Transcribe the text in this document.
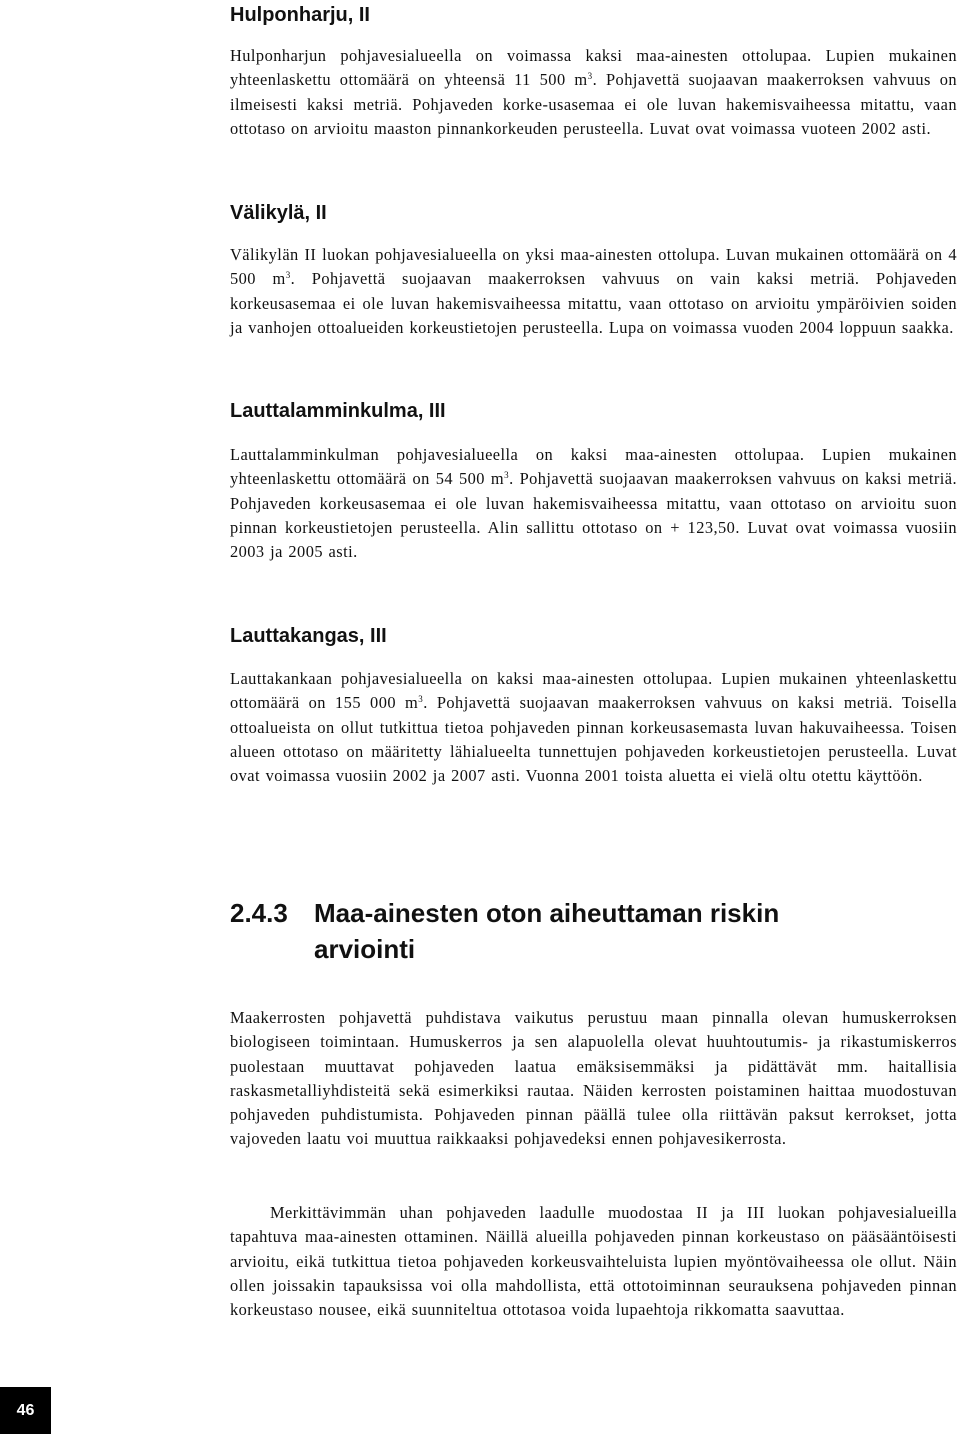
Hulponharju, II

Hulponharjun pohjavesialueella on voimassa kaksi maa-ainesten ottolupaa. Lupien mukainen yhteenlaskettu ottomäärä on yhteensä 11 500 $m^3$. Pohjavettä suojaavan maakerroksen vahvuus on ilmeisesti kaksi metriä. Pohjaveden korke-usasemaa ei ole luvan hakemisvaiheessa mitattu, vaan ottotaso on arvioitu maaston pinnankorkeuden perusteella. Luvat ovat voimassa vuoteen 2002 asti.

Välikylä, II

Välikylän II luokan pohjavesialueella on yksi maa-ainesten ottolupa. Luvan mukainen ottomäärä on 4 500 $m^3$. Pohjavettä suojaavan maakerroksen vahvuus on vain kaksi metriä. Pohjaveden korkeusasemaa ei ole luvan hakemisvaiheessa mitattu, vaan ottotaso on arvioitu ympäröivien soiden ja vanhojen ottoalueiden korkeustietojen perusteella. Lupa on voimassa vuoden 2004 loppuun saakka.

Lauttalamminkulma, III

Lauttalamminkulman pohjavesialueella on kaksi maa-ainesten ottolupaa. Lupien mukainen yhteenlaskettu ottomäärä on 54 500 $m^3$. Pohjavettä suojaavan maakerroksen vahvuus on kaksi metriä. Pohjaveden korkeusasemaa ei ole luvan hakemisvaiheessa mitattu, vaan ottotaso on arvioitu suon pinnan korkeustietojen perusteella. Alin sallittu ottotaso on + 123,50. Luvat ovat voimassa vuosiin 2003 ja 2005 asti.

Lauttakangas, III

Lauttakankaan pohjavesialueella on kaksi maa-ainesten ottolupaa. Lupien mukainen yhteenlaskettu ottomäärä on 155 000 $m^3$. Pohjavettä suojaavan maakerroksen vahvuus on kaksi metriä. Toisella ottoalueista on ollut tutkittua tietoa pohjaveden pinnan korkeusasemasta luvan hakuvaiheessa. Toisen alueen ottotaso on määritetty lähialueelta tunnettujen pohjaveden korkeustietojen perusteella. Luvat ovat voimassa vuosiin 2002 ja 2007 asti. Vuonna 2001 toista aluetta ei vielä oltu otettu käyttöön.

2.4.3	Maa-ainesten oton aiheuttaman riskin arviointi

Maakerrosten pohjavettä puhdistava vaikutus perustuu maan pinnalla olevan humuskerroksen biologiseen toimintaan. Humuskerros ja sen alapuolella olevat huuhtoutumis- ja rikastumiskerros puolestaan muuttavat pohjaveden laatua emäksisemmäksi ja pidättävät mm. haitallisia raskasmetalliyhdisteitä sekä esimerkiksi rautaa. Näiden kerrosten poistaminen haittaa muodostuvan pohjaveden puhdistumista. Pohjaveden pinnan päällä tulee olla riittävän paksut kerrokset, jotta vajoveden laatu voi muuttua raikkaaksi pohjavedeksi ennen pohjavesikerrosta.

Merkittävimmän uhan pohjaveden laadulle muodostaa II ja III luokan pohjavesialueilla tapahtuva maa-ainesten ottaminen. Näillä alueilla pohjaveden pinnan korkeustaso on pääsääntöisesti arvioitu, eikä tutkittua tietoa pohjaveden korkeusvaihteluista lupien myöntövaiheessa ole ollut. Näin ollen joissakin tapauksissa voi olla mahdollista, että ottotoiminnan seurauksena pohjaveden pinnan korkeustaso nousee, eikä suunniteltua ottotasoa voida lupaehtoja rikkomatta saavuttaa.

46
